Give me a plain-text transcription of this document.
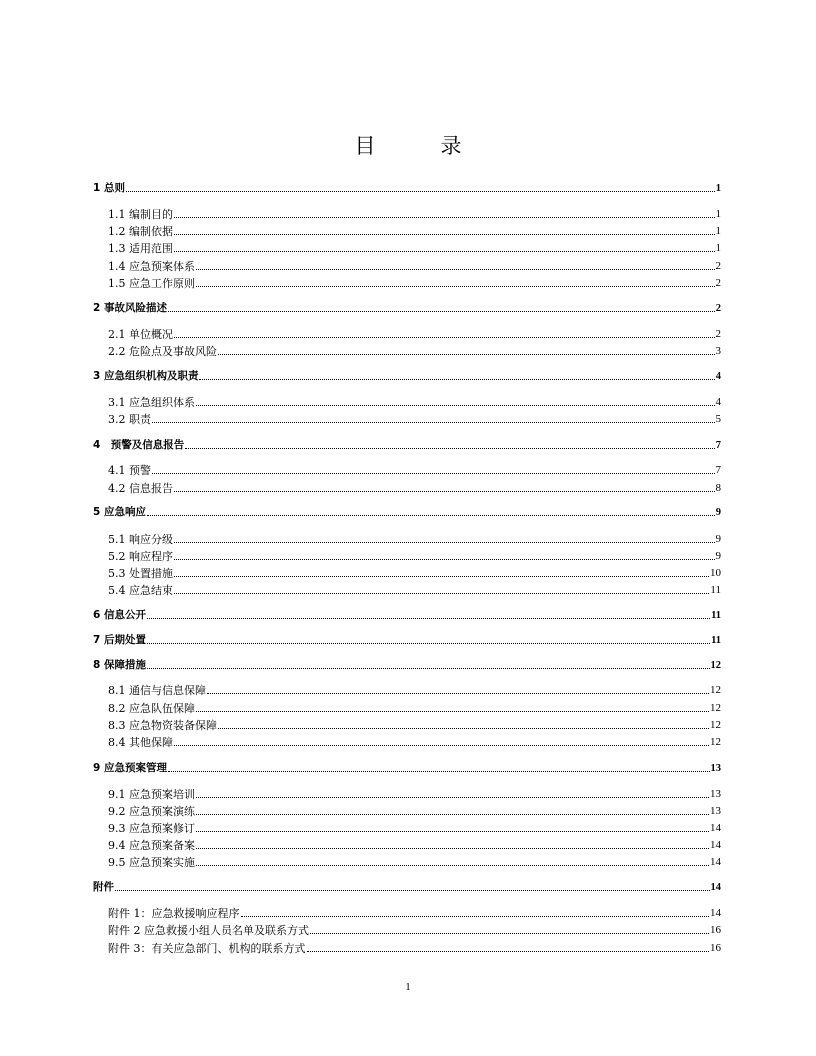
目　录
1 总则	1
1.1 编制目的	1
1.2 编制依据	1
1.3 适用范围	1
1.4 应急预案体系	2
1.5 应急工作原则	2
2 事故风险描述	2
2.1 单位概况	2
2.2 危险点及事故风险	3
3 应急组织机构及职责	4
3.1 应急组织体系	4
3.2 职责	5
4　预警及信息报告	7
4.1 预警	7
4.2 信息报告	8
5 应急响应	9
5.1 响应分级	9
5.2 响应程序	9
5.3 处置措施	10
5.4 应急结束	11
6 信息公开	11
7 后期处置	11
8 保障措施	12
8.1 通信与信息保障	12
8.2 应急队伍保障	12
8.3 应急物资装备保障	12
8.4 其他保障	12
9 应急预案管理	13
9.1 应急预案培训	13
9.2 应急预案演练	13
9.3 应急预案修订	14
9.4 应急预案备案	14
9.5 应急预案实施	14
附件	14
附件 1：应急救援响应程序	14
附件 2 应急救援小组人员名单及联系方式	16
附件 3：有关应急部门、机构的联系方式	16
1
